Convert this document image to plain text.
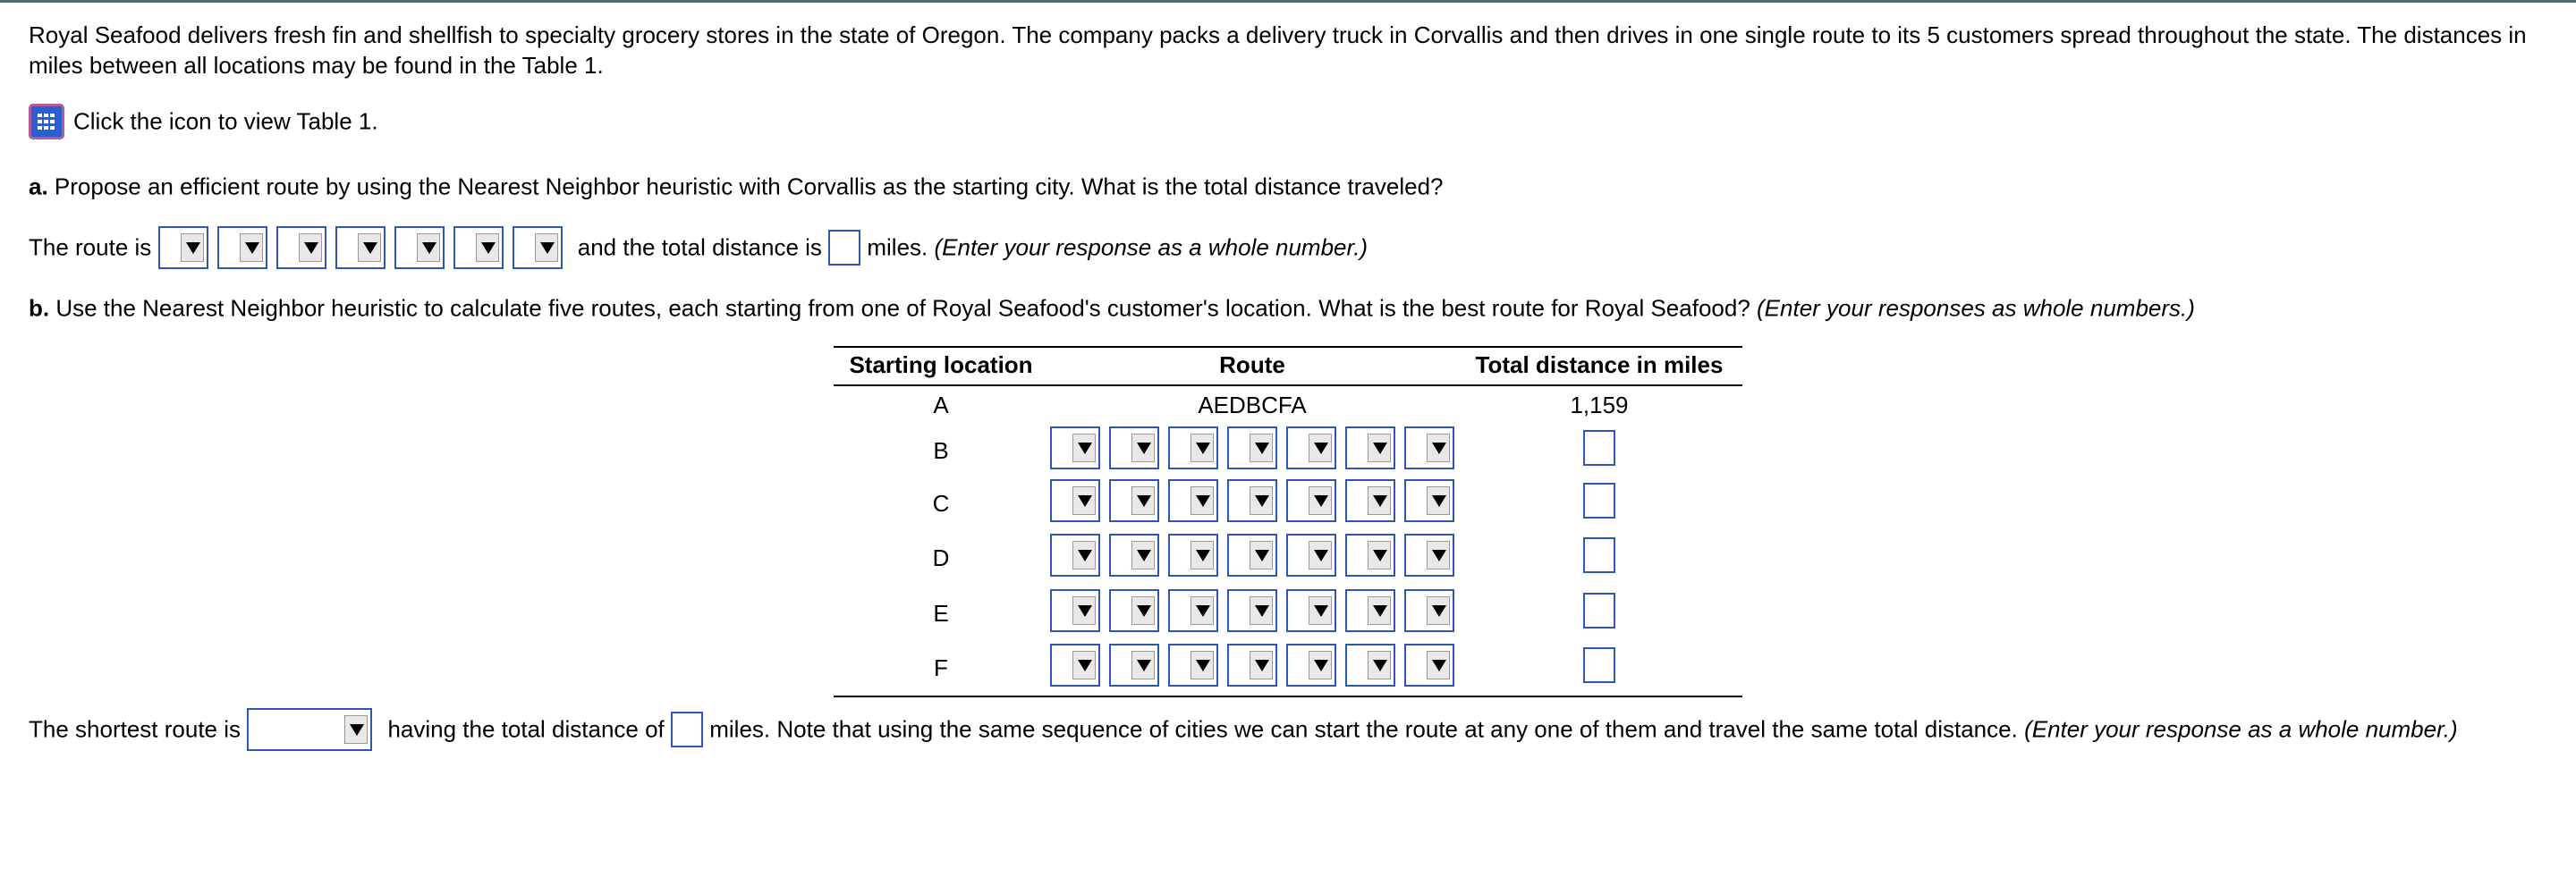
Royal Seafood delivers fresh fin and shellfish to specialty grocery stores in the state of Oregon. The company packs a delivery truck in Corvallis and then drives in one single route to its 5 customers spread throughout the state. The distances in miles between all locations may be found in the Table 1.
Click the icon to view Table 1.
a. Propose an efficient route by using the Nearest Neighbor heuristic with Corvallis as the starting city. What is the total distance traveled?
The route is	and the total distance is  miles. (Enter your response as a whole number.)
b. Use the Nearest Neighbor heuristic to calculate five routes, each starting from one of Royal Seafood's customer's location. What is the best route for Royal Seafood? (Enter your responses as whole numbers.)
Starting location	Route	Total distance in miles
A	AEDBCFA	1,159
B	

C	

D	

E	

F	

The shortest route is	having the total distance of  miles. Note that using the same sequence of cities we can start the route at any one of them and travel the same total distance. (Enter your response as a whole number.)
